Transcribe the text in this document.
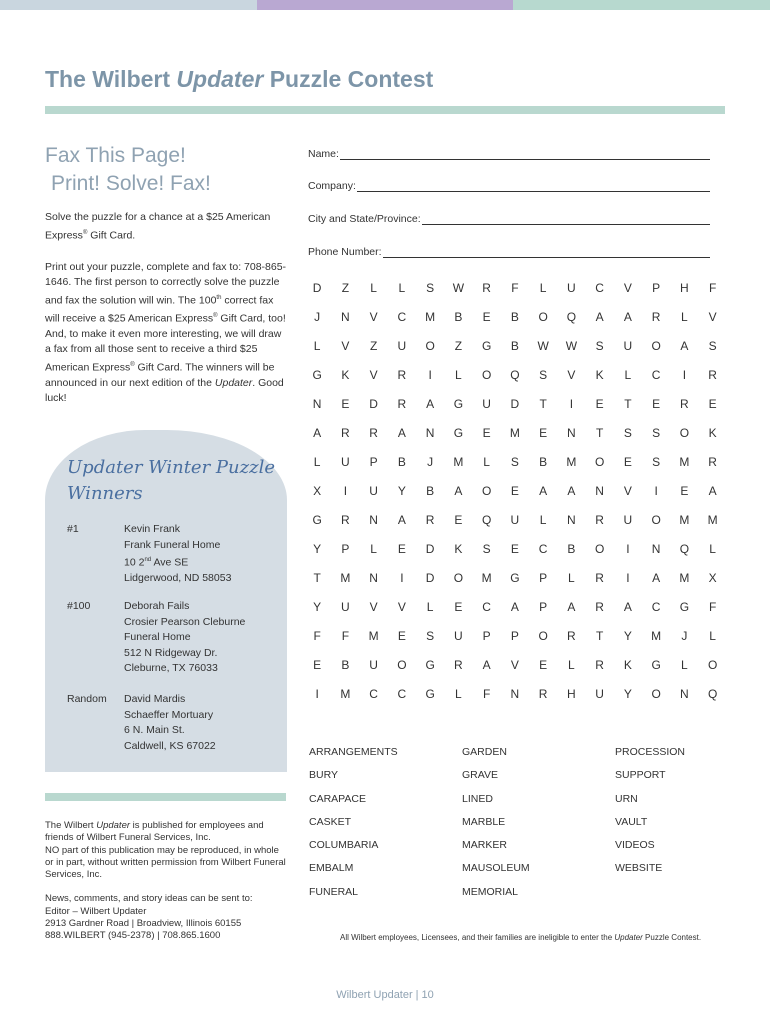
The Wilbert Updater Puzzle Contest
Fax This Page!
Print! Solve! Fax!

Solve the puzzle for a chance at a $25 American Express® Gift Card.

Print out your puzzle, complete and fax to: 708-865-1646. The first person to correctly solve the puzzle and fax the solution will win. The 100th correct fax will receive a $25 American Express® Gift Card, too! And, to make it even more interesting, we will draw a fax from all those sent to receive a third $25 American Express® Gift Card. The winners will be announced in our next edition of the Updater. Good luck!

Updater Winter Puzzle Winners
#1	Kevin Frank
Frank Funeral Home
10 2nd Ave SE
Lidgerwood, ND 58053
#100	Deborah Fails
Crosier Pearson Cleburne
Funeral Home
512 N Ridgeway Dr.
Cleburne, TX 76033
Random David Mardis
Schaeffer Mortuary
6 N. Main St.
Caldwell, KS 67022

The Wilbert Updater is published for employees and friends of Wilbert Funeral Services, Inc.
NO part of this publication may be reproduced, in whole or in part, without written permission from Wilbert Funeral Services, Inc.

News, comments, and story ideas can be sent to:
Editor – Wilbert Updater
2913 Gardner Road | Broadview, Illinois 60155
888.WILBERT (945-2378) | 708.865.1600
Name:
Company:
City and State/Province:
Phone Number:
D	Z	L	L	S	W	R	F	L	U	C	V	P	H	F
J	N	V	C	M	B	E	B	O	Q	A	A	R	L	V
L	V	Z	U	O	Z	G	B	W	W	S	U	O	A	S
G	K	V	R	I	L	O	Q	S	V	K	L	C	I	R
N	E	D	R	A	G	U	D	T	I	E	T	E	R	E
A	R	R	A	N	G	E	M	E	N	T	S	S	O	K
L	U	P	B	J	M	L	S	B	M	O	E	S	M	R
X	I	U	Y	B	A	O	E	A	A	N	V	I	E	A
G	R	N	A	R	E	Q	U	L	N	R	U	O	M	M
Y	P	L	E	D	K	S	E	C	B	O	I	N	Q	L
T	M	N	I	D	O	M	G	P	L	R	I	A	M	X
Y	U	V	V	L	E	C	A	P	A	R	A	C	G	F
F	F	M	E	S	U	P	P	O	R	T	Y	M	J	L
E	B	U	O	G	R	A	V	E	L	R	K	G	L	O
I	M	C	C	G	L	F	N	R	H	U	Y	O	N	Q
ARRANGEMENTS
BURY
CARAPACE
CASKET
COLUMBARIA
EMBALM
FUNERAL
GARDEN
GRAVE
LINED
MARBLE
MARKER
MAUSOLEUM
MEMORIAL
PROCESSION
SUPPORT
URN
VAULT
VIDEOS
WEBSITE
All Wilbert employees, Licensees, and their families are ineligible to enter the Updater Puzzle Contest.
Wilbert Updater | 10
